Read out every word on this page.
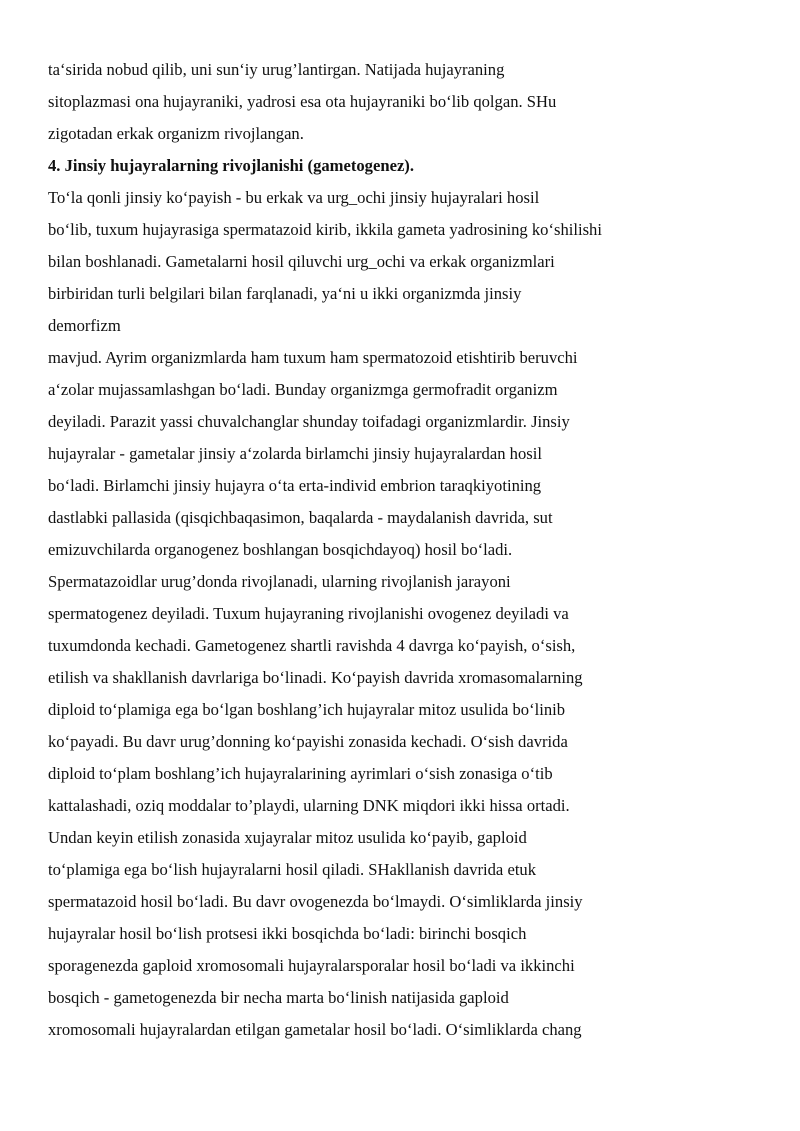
ta‘sirida nobud qilib, uni sun‘iy urug’lantirgan. Natijada hujayraning
sitoplazmasi ona hujayraniki, yadrosi esa ota hujayraniki bo‘lib qolgan. SHu
zigotadan erkak organizm rivojlangan.
4. Jinsiy hujayralarning rivojlanishi (gametogenez).
To‘la qonli jinsiy ko‘payish - bu erkak va urg_ochi jinsiy hujayralari hosil
bo‘lib, tuxum hujayrasiga spermatazoid kirib, ikkila gameta yadrosining ko‘shilishi
bilan boshlanadi. Gametalarni hosil qiluvchi urg_ochi va erkak organizmlari
birbiridan turli belgilari bilan farqlanadi, ya‘ni u ikki organizmda jinsiy
demorfizm
mavjud. Ayrim organizmlarda ham tuxum ham spermatozoid etishtirib beruvchi
a‘zolar mujassamlashgan bo‘ladi. Bunday organizmga germofradit organizm
deyiladi. Parazit yassi chuvalchanglar shunday toifadagi organizmlardir. Jinsiy
hujayralar - gametalar jinsiy a‘zolarda birlamchi jinsiy hujayralardan hosil
bo‘ladi. Birlamchi jinsiy hujayra o‘ta erta-individ embrion taraqkiyotining
dastlabki pallasida (qisqichbaqasimon, baqalarda - maydalanish davrida, sut
emizuvchilarda organogenez boshlangan bosqichdayoq) hosil bo‘ladi.
Spermatazoidlar urug’donda rivojlanadi, ularning rivojlanish jarayoni
spermatogenez deyiladi. Tuxum hujayraning rivojlanishi ovogenez deyiladi va
tuxumdonda kechadi. Gametogenez shartli ravishda 4 davrga ko‘payish, o‘sish,
etilish va shakllanish davrlariga bo‘linadi. Ko‘payish davrida xromasomalarning
diploid to‘plamiga ega bo‘lgan boshlang’ich hujayralar mitoz usulida bo‘linib
ko‘payadi. Bu davr urug’donning ko‘payishi zonasida kechadi. O‘sish davrida
diploid to‘plam boshlang’ich hujayralarining ayrimlari o‘sish zonasiga o‘tib
kattalashadi, oziq moddalar to’playdi, ularning DNK miqdori ikki hissa ortadi.
Undan keyin etilish zonasida xujayralar mitoz usulida ko‘payib, gaploid
to‘plamiga ega bo‘lish hujayralarni hosil qiladi. SHakllanish davrida etuk
spermatazoid hosil bo‘ladi. Bu davr ovogenezda bo‘lmaydi. O‘simliklarda jinsiy
hujayralar hosil bo‘lish protsesi ikki bosqichda bo‘ladi: birinchi bosqich
sporagenezda gaploid xromosomali hujayralarsporalar hosil bo‘ladi va ikkinchi
bosqich - gametogenezda bir necha marta bo‘linish natijasida gaploid
xromosomali hujayralardan etilgan gametalar hosil bo‘ladi. O‘simliklarda chang
